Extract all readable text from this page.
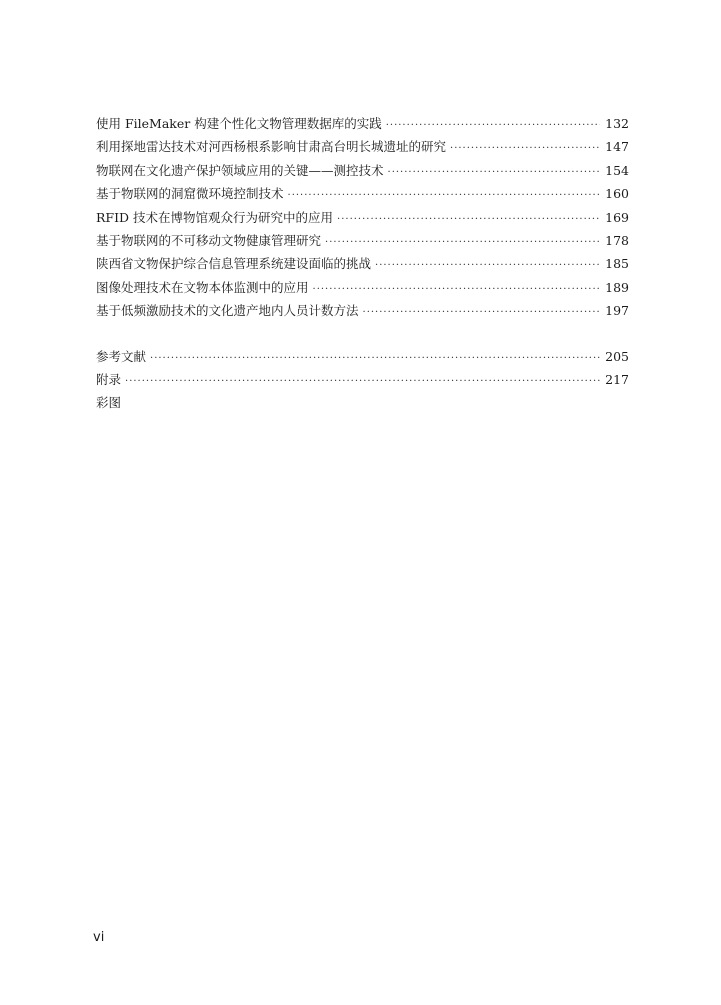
使用 FileMaker 构建个性化文物管理数据库的实践 ·····	132
利用探地雷达技术对河西杨根系影响甘肃高台明长城遗址的研究 ·····	147
物联网在文化遗产保护领域应用的关键——测控技术 ·····	154
基于物联网的洞窟微环境控制技术 ·····	160
RFID 技术在博物馆观众行为研究中的应用 ·····	169
基于物联网的不可移动文物健康管理研究 ·····	178
陕西省文物保护综合信息管理系统建设面临的挑战 ·····	185
图像处理技术在文物本体监测中的应用 ·····	189
基于低频激励技术的文化遗产地内人员计数方法 ·····	197
参考文献 ·····	205
附录 ·····	217
彩图
vi
